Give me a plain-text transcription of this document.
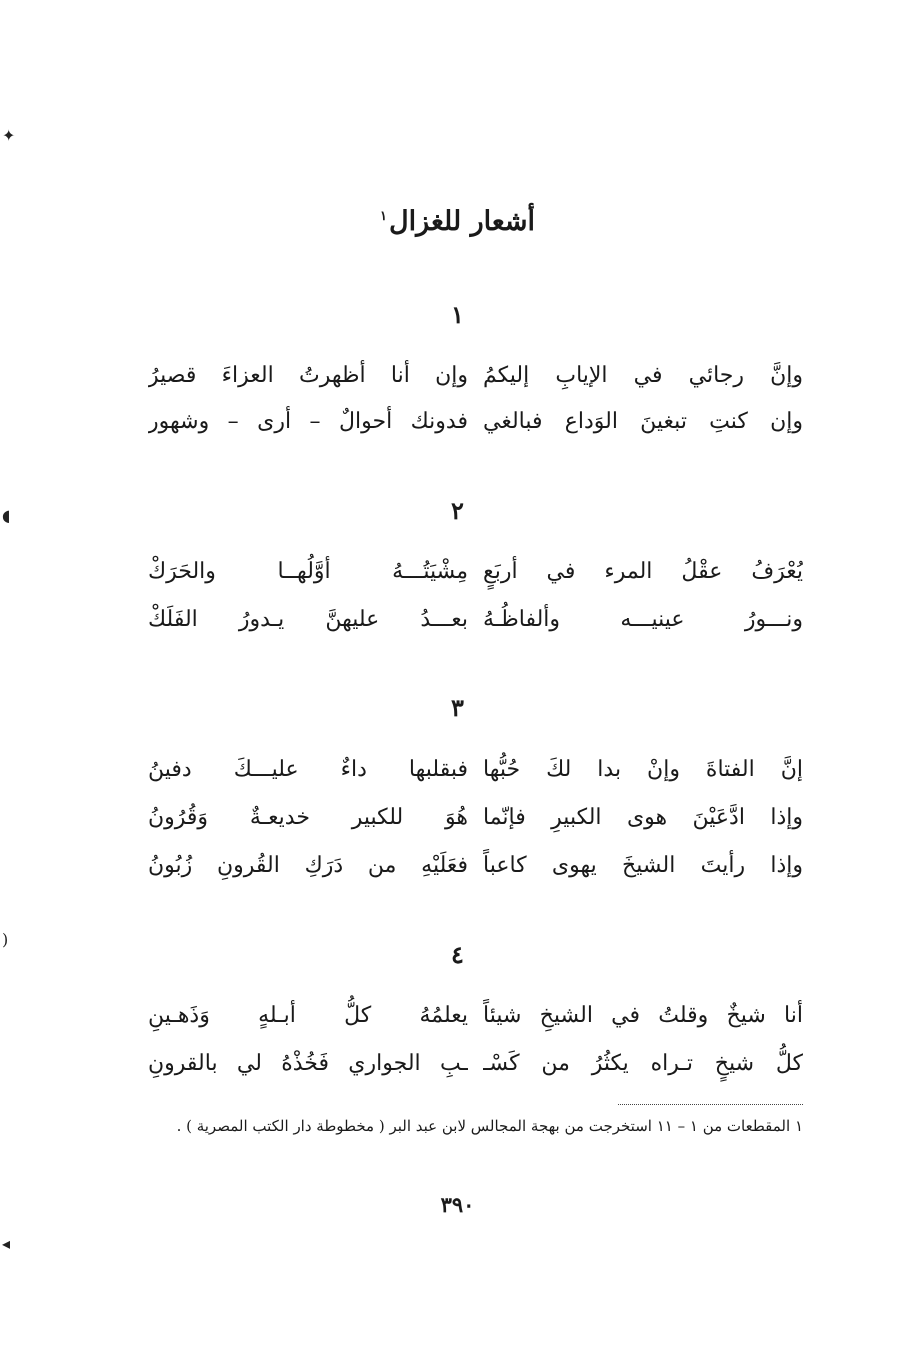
أشعار للغزال$^١$
١
وإنَّ رجائي في الإيابِ إليكمُ
وإن أنا أظهرتُ العزاءَ قصيرُ
وإن كنتِ تبغينَ الوَداع فبالغي
فدونك أحوالٌ – أرى – وشهور
٢
يُعْرَفُ عقْلُ المرء في أربَعٍ
مِشْيَتُـــهُ أوَّلُهــا والحَرَكْ
ونـــورُ عينيـــه وألفاظُـهُ
بعـــدُ عليهنَّ يـدورُ الفَلَكْ
٣
إنَّ الفتاةَ وإنْ بدا لكَ حُبُّها
فبقلبها داءٌ عليـــكَ دفينُ
وإذا ادَّعَيْنَ هوى الكبيرِ فإنّما
هُوَ للكبير خديعـةٌ وَقُرُونُ
وإذا رأيتَ الشيخَ يهوى كاعباً
فعَلَيْهِ من دَرَكِ القُرونِ زُبُونُ
٤
أنا شيخٌ وقلتُ في الشيخِ شيئاً
يعلمُهُ كلُّ أبـلهٍ وَذَهـينِ
كلُّ شيخٍ تـراه يكثُرُ من كَسْـ
ـبِ الجواري فَخُذْهُ لي بالقرونِ

١ المقطعات من ١ – ١١ استخرجت من بهجة المجالس لابن عبد البر ( مخطوطة دار الكتب المصرية ) .

٣٩٠
✦
◖
(
◂
